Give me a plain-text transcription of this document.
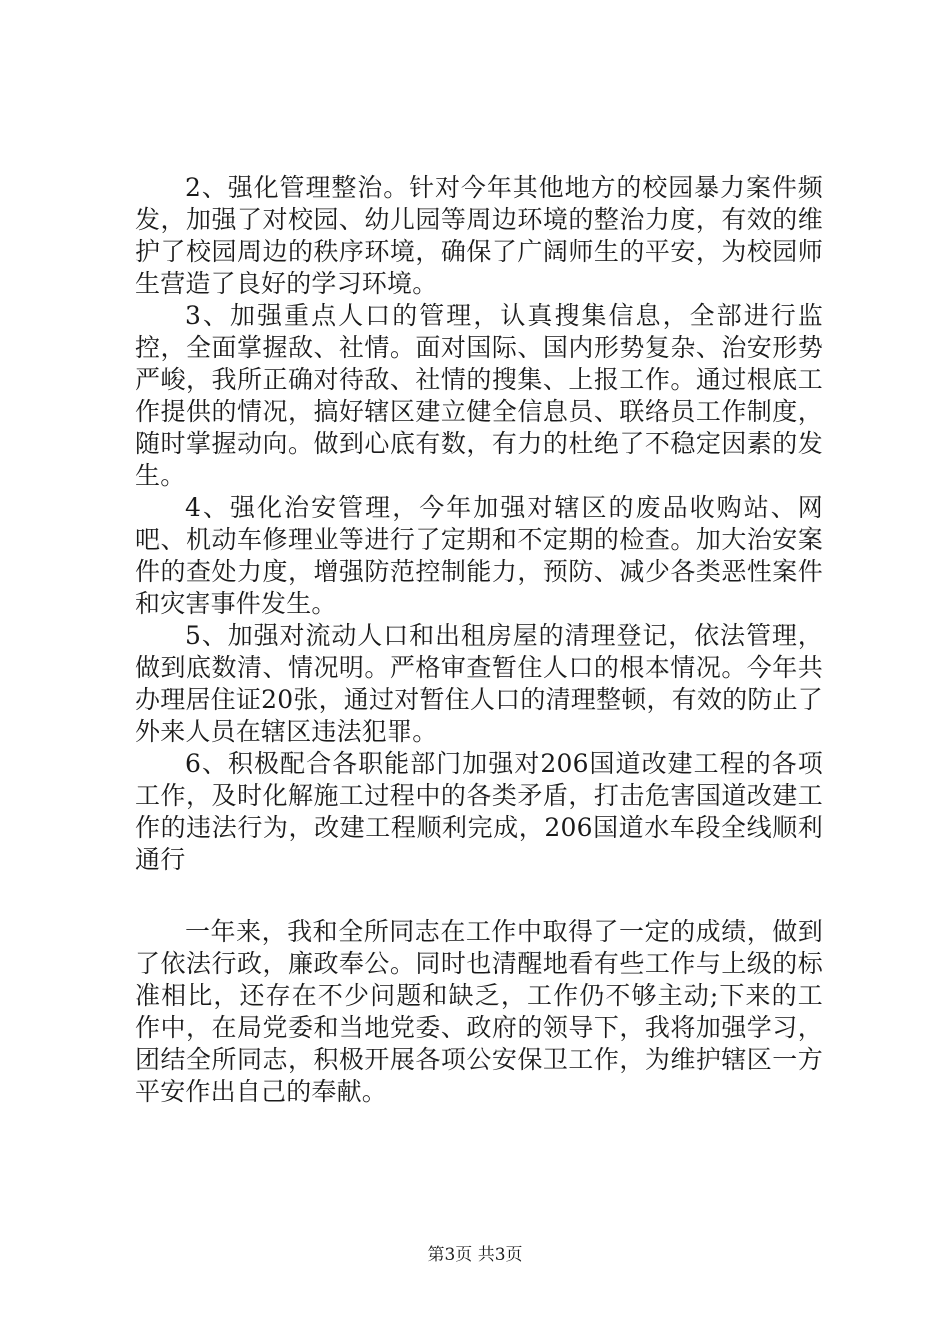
2、强化管理整治。针对今年其他地方的校园暴力案件频发，加强了对校园、幼儿园等周边环境的整治力度，有效的维护了校园周边的秩序环境，确保了广阔师生的平安，为校园师生营造了良好的学习环境。

3、加强重点人口的管理，认真搜集信息，全部进行监控，全面掌握敌、社情。面对国际、国内形势复杂、治安形势严峻，我所正确对待敌、社情的搜集、上报工作。通过根底工作提供的情况，搞好辖区建立健全信息员、联络员工作制度，随时掌握动向。做到心底有数，有力的杜绝了不稳定因素的发生。

4、强化治安管理，今年加强对辖区的废品收购站、网吧、机动车修理业等进行了定期和不定期的检查。加大治安案件的查处力度，增强防范控制能力，预防、减少各类恶性案件和灾害事件发生。

5、加强对流动人口和出租房屋的清理登记，依法管理，做到底数清、情况明。严格审查暂住人口的根本情况。今年共办理居住证20张，通过对暂住人口的清理整顿，有效的防止了外来人员在辖区违法犯罪。

6、积极配合各职能部门加强对206国道改建工程的各项工作，及时化解施工过程中的各类矛盾，打击危害国道改建工作的违法行为，改建工程顺利完成，206国道水车段全线顺利通行

一年来，我和全所同志在工作中取得了一定的成绩，做到了依法行政，廉政奉公。同时也清醒地看有些工作与上级的标准相比，还存在不少问题和缺乏，工作仍不够主动;下来的工作中，在局党委和当地党委、政府的领导下，我将加强学习，团结全所同志，积极开展各项公安保卫工作，为维护辖区一方平安作出自己的奉献。

第3页 共3页
